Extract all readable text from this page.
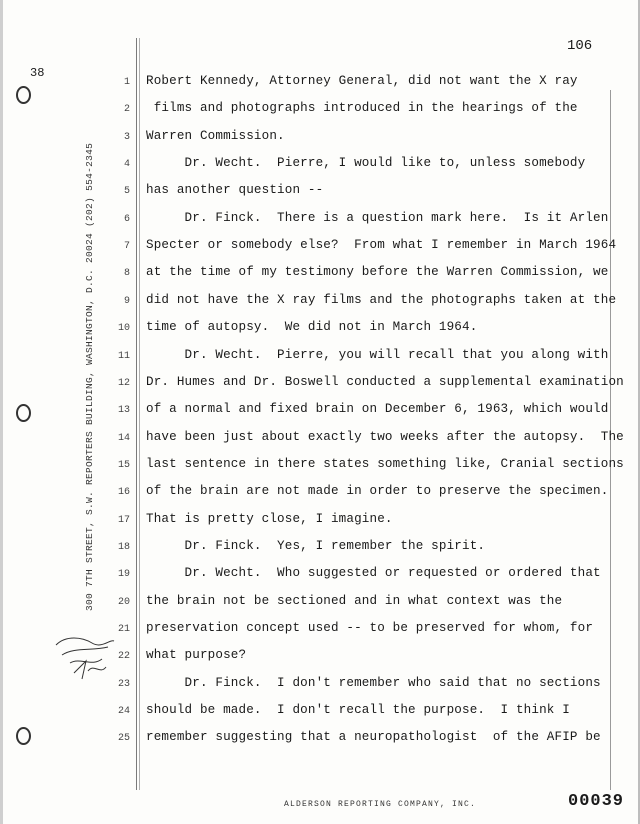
106
38
300 7TH STREET, S.W. REPORTERS BUILDING, WASHINGTON, D.C. 20024 (202) 554-2345
1
2
3
4
5
6
7
8
9
10
11
12
13
14
15
16
17
18
19
20
21
22
23
24
25
Robert Kennedy, Attorney General, did not want the X ray
films and photographs introduced in the hearings of the
Warren Commission.
Dr. Wecht.  Pierre, I would like to, unless somebody
has another question --
Dr. Finck.  There is a question mark here.  Is it Arlen
Specter or somebody else?  From what I remember in March 1964
at the time of my testimony before the Warren Commission, we
did not have the X ray films and the photographs taken at the
time of autopsy.  We did not in March 1964.
Dr. Wecht.  Pierre, you will recall that you along with
Dr. Humes and Dr. Boswell conducted a supplemental examination
of a normal and fixed brain on December 6, 1963, which would
have been just about exactly two weeks after the autopsy.  The
last sentence in there states something like, Cranial sections
of the brain are not made in order to preserve the specimen.
That is pretty close, I imagine.
Dr. Finck.  Yes, I remember the spirit.
Dr. Wecht.  Who suggested or requested or ordered that
the brain not be sectioned and in what context was the
preservation concept used -- to be preserved for whom, for
what purpose?
Dr. Finck.  I don't remember who said that no sections
should be made.  I don't recall the purpose.  I think I
remember suggesting that a neuropathologist  of the AFIP be
ALDERSON REPORTING COMPANY, INC.	00039
